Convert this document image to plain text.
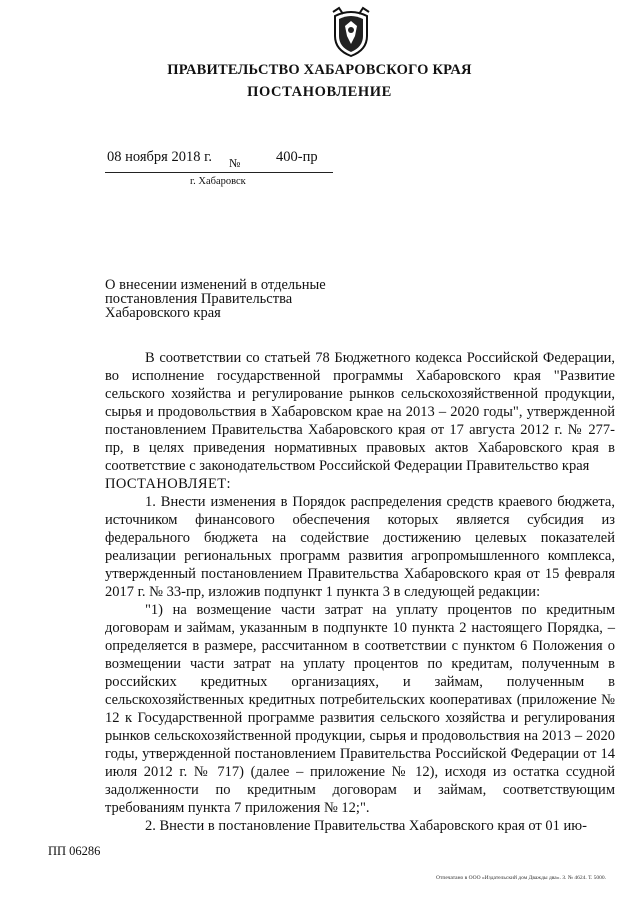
ПРАВИТЕЛЬСТВО ХАБАРОВСКОГО КРАЯ
ПОСТАНОВЛЕНИЕ
08 ноября 2018 г. № 400-пр
г. Хабаровск
О внесении изменений в отдельные постановления Правительства Хабаровского края

В соответствии со статьей 78 Бюджетного кодекса Российской Федерации, во исполнение государственной программы Хабаровского края "Развитие сельского хозяйства и регулирование рынков сельскохозяйственной продукции, сырья и продовольствия в Хабаровском крае на 2013 – 2020 годы", утвержденной постановлением Правительства Хабаровского края от 17 августа 2012 г. № 277-пр, в целях приведения нормативных правовых актов Хабаровского края в соответствие с законодательством Российской Федерации Правительство края

ПОСТАНОВЛЯЕТ:

1. Внести изменения в Порядок распределения средств краевого бюджета, источником финансового обеспечения которых является субсидия из федерального бюджета на содействие достижению целевых показателей реализации региональных программ развития агропромышленного комплекса, утвержденный постановлением Правительства Хабаровского края от 15 февраля 2017 г. № 33-пр, изложив подпункт 1 пункта 3 в следующей редакции:

"1) на возмещение части затрат на уплату процентов по кредитным договорам и займам, указанным в подпункте 10 пункта 2 настоящего Порядка, – определяется в размере, рассчитанном в соответствии с пунктом 6 Положения о возмещении части затрат на уплату процентов по кредитам, полученным в российских кредитных организациях, и займам, полученным в сельскохозяйственных кредитных потребительских кооперативах (приложение № 12 к Государственной программе развития сельского хозяйства и регулирования рынков сельскохозяйственной продукции, сырья и продовольствия на 2013 – 2020 годы, утвержденной постановлением Правительства Российской Федерации от 14 июля 2012 г. № 717) (далее – приложение № 12), исходя из остатка ссудной задолженности по кредитным договорам и займам, соответствующим требованиям пункта 7 приложения № 12;".

2. Внести в постановление Правительства Хабаровского края от 01 ию-

ПП 06286
Отпечатано в ООО «Издательский дом Дважды два». З. № 4624. Т. 5000.
